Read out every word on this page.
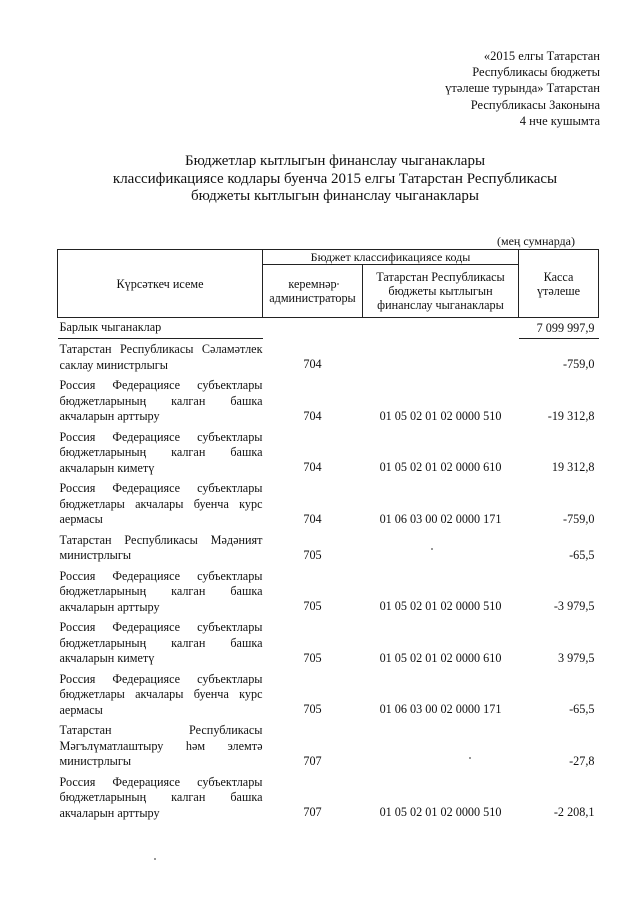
«2015 елгы Татарстан
Республикасы бюджеты
үтәлеше турында» Татарстан
Республикасы Законына
4 нче кушымта
Бюджетлар кытлыгын финанслау чыганаклары
классификациясе кодлары буенча 2015 елгы Татарстан Республикасы
бюджеты кытлыгын финанслау чыганаклары
(мең сумнарда)
Күрсәткеч исеме	Бюджет классификациясе коды		Касса үтәлеше
	керемнәр администраторы	Татарстан Республикасы бюджеты кытлыгын финанслау чыганаклары	
Барлык чыганаклар			7 099 997,9
Татарстан Республикасы Сәламәтлек саклау министрлыгы	704		-759,0
Россия Федерациясе субъектлары бюджетларының калган башка акчаларын арттыру	704	01 05 02 01 02 0000 510	-19 312,8
Россия Федерациясе субъектлары бюджетларының калган башка акчаларын киметү	704	01 05 02 01 02 0000 610	19 312,8
Россия Федерациясе субъектлары бюджетлары акчалары буенча курс аермасы	704	01 06 03 00 02 0000 171	-759,0
Татарстан Республикасы Мәдәният министрлыгы	705		-65,5
Россия Федерациясе субъектлары бюджетларының калган башка акчаларын арттыру	705	01 05 02 01 02 0000 510	-3 979,5
Россия Федерациясе субъектлары бюджетларының калган башка акчаларын киметү	705	01 05 02 01 02 0000 610	3 979,5
Россия Федерациясе субъектлары бюджетлары акчалары буенча курс аермасы	705	01 06 03 00 02 0000 171	-65,5
Татарстан Республикасы Мәгълүматлаштыру һәм элемтә министрлыгы	707		-27,8
Россия Федерациясе субъектлары бюджетларының калган башка акчаларын арттыру	707	01 05 02 01 02 0000 510	-2 208,1
